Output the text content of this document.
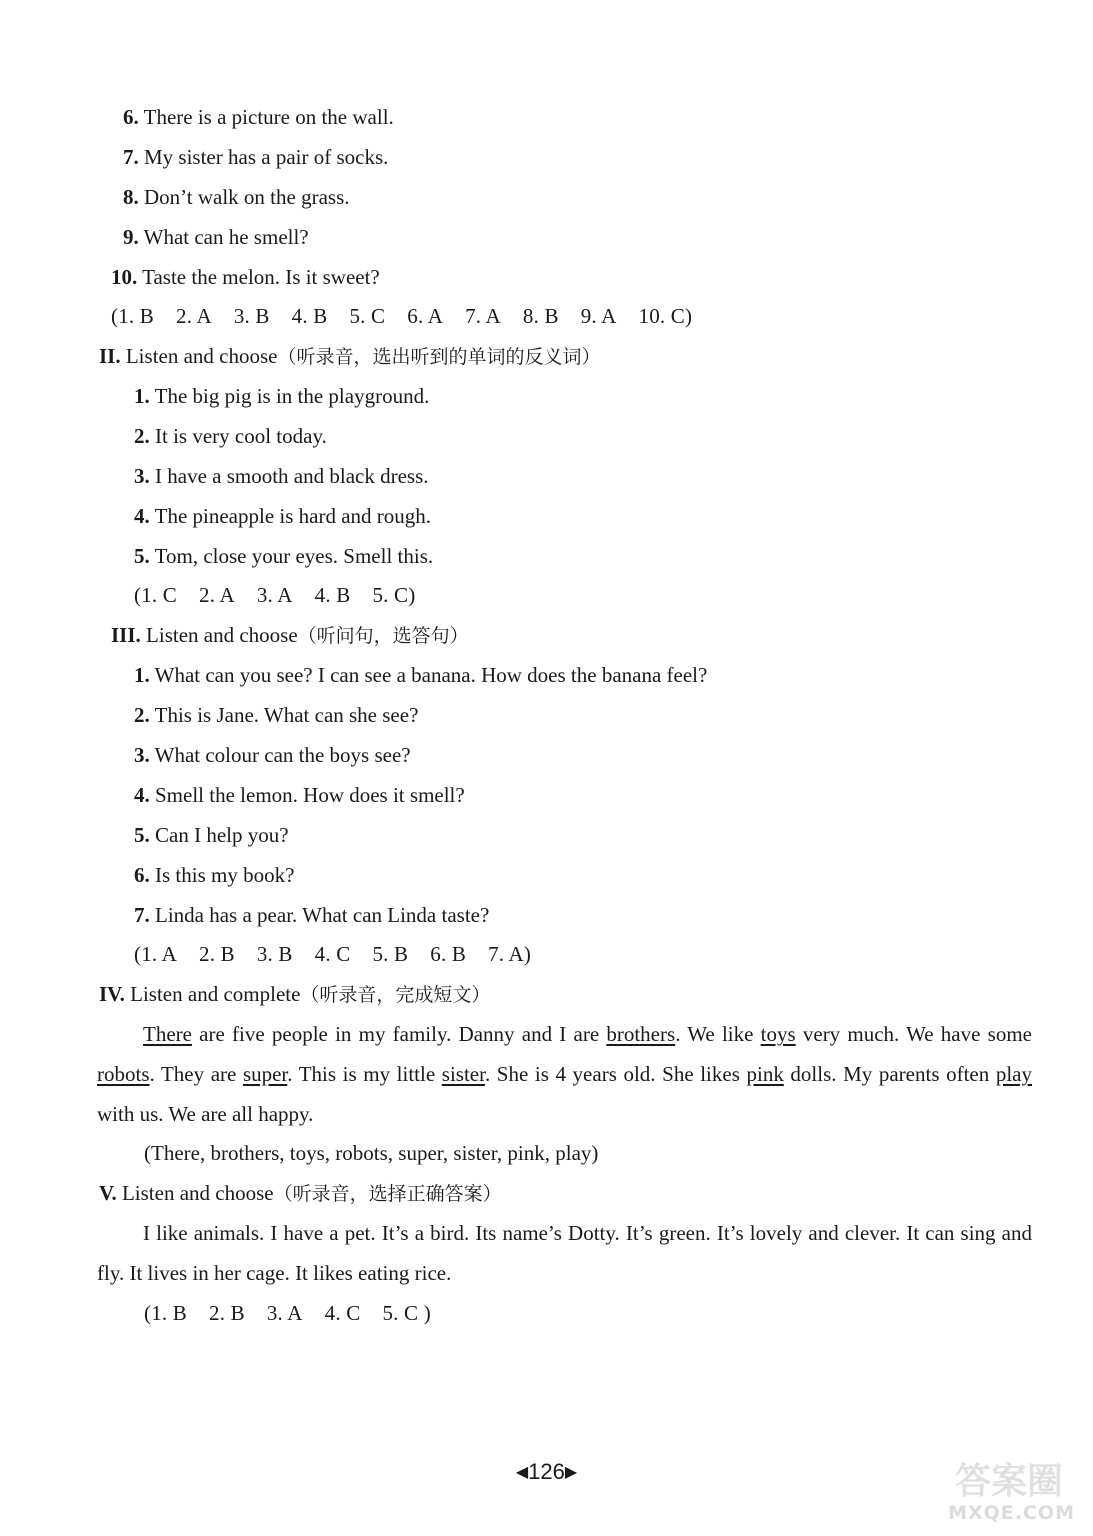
6. There is a picture on the wall.
7. My sister has a pair of socks.
8. Don’t walk on the grass.
9. What can he smell?
10. Taste the melon. Is it sweet?
(1. B 2. A 3. B 4. B 5. C 6. A 7. A 8. B 9. A 10. C)
II. Listen and choose（听录音，选出听到的单词的反义词）
1. The big pig is in the playground.
2. It is very cool today.
3. I have a smooth and black dress.
4. The pineapple is hard and rough.
5. Tom, close your eyes. Smell this.
(1. C 2. A 3. A 4. B 5. C)
III. Listen and choose（听问句，选答句）
1. What can you see? I can see a banana. How does the banana feel?
2. This is Jane. What can she see?
3. What colour can the boys see?
4. Smell the lemon. How does it smell?
5. Can I help you?
6. Is this my book?
7. Linda has a pear. What can Linda taste?
(1. A 2. B 3. B 4. C 5. B 6. B 7. A)
IV. Listen and complete（听录音，完成短文）
There are five people in my family. Danny and I are brothers. We like toys very much. We have some robots. They are super. This is my little sister. She is 4 years old. She likes pink dolls. My parents often play with us. We are all happy.
(There, brothers, toys, robots, super, sister, pink, play)
V. Listen and choose（听录音，选择正确答案）
I like animals. I have a pet. It’s a bird. Its name’s Dotty. It’s green. It’s lovely and clever. It can sing and fly. It lives in her cage. It likes eating rice.
(1. B 2. B 3. A 4. C 5. C )
◀126▶	答案圈
MXQE.COM
